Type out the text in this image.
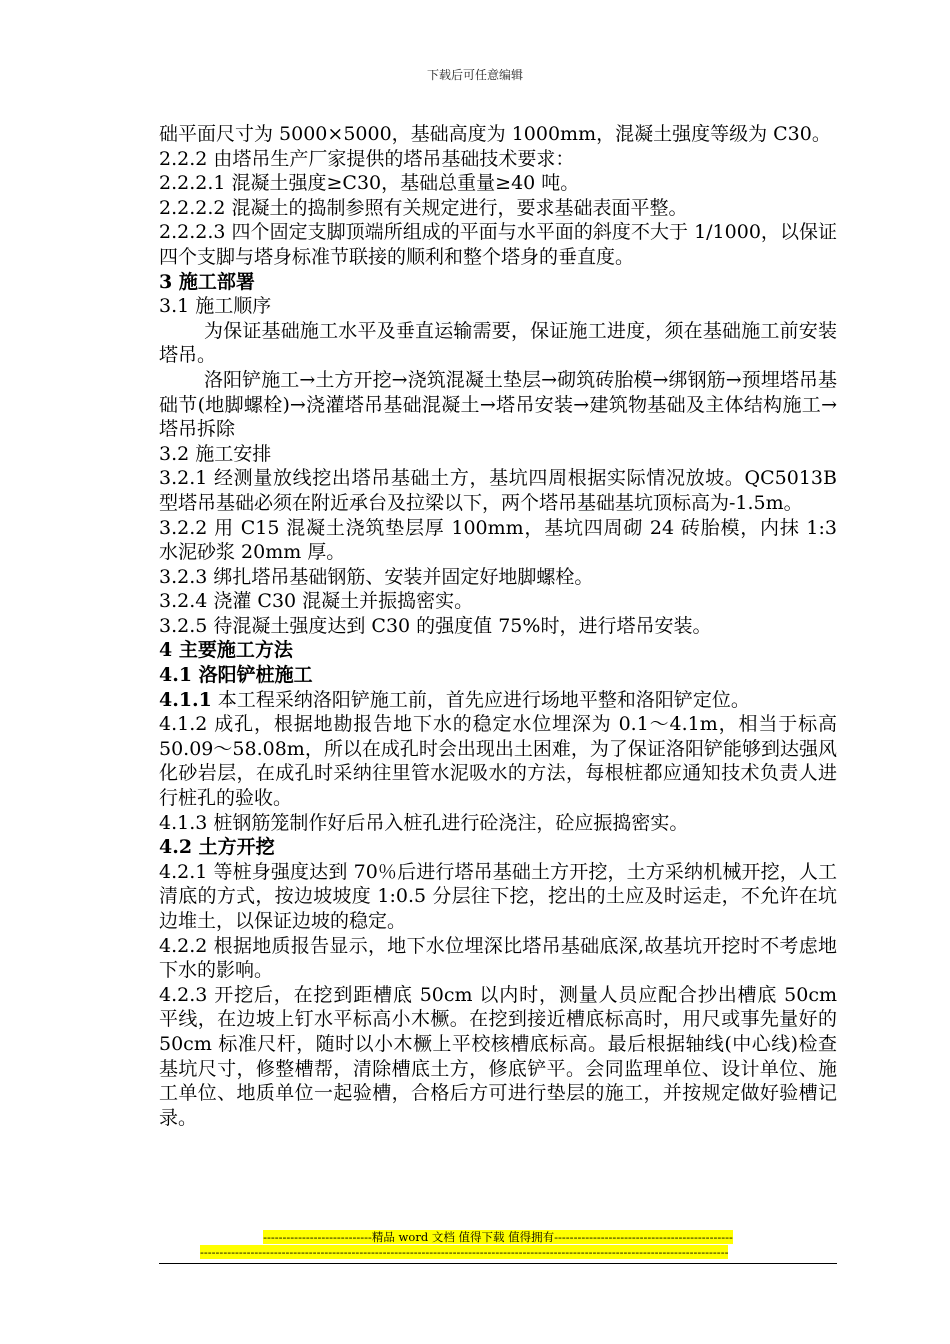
下载后可任意编辑

础平面尺寸为 5000×5000，基础高度为 1000mm，混凝土强度等级为 C30。

2.2.2 由塔吊生产厂家提供的塔吊基础技术要求：

2.2.2.1 混凝土强度≥C30，基础总重量≥40 吨。

2.2.2.2 混凝土的捣制参照有关规定进行，要求基础表面平整。

2.2.2.3 四个固定支脚顶端所组成的平面与水平面的斜度不大于 1/1000，以保证四个支脚与塔身标准节联接的顺利和整个塔身的垂直度。

3 施工部署

3.1 施工顺序

为保证基础施工水平及垂直运输需要，保证施工进度，须在基础施工前安装塔吊。

洛阳铲施工→土方开挖→浇筑混凝土垫层→砌筑砖胎模→绑钢筋→预埋塔吊基础节(地脚螺栓)→浇灌塔吊基础混凝土→塔吊安装→建筑物基础及主体结构施工→塔吊拆除

3.2 施工安排

3.2.1 经测量放线挖出塔吊基础土方，基坑四周根据实际情况放坡。QC5013B 型塔吊基础必须在附近承台及拉梁以下，两个塔吊基础基坑顶标高为-1.5m。

3.2.2 用 C15 混凝土浇筑垫层厚 100mm，基坑四周砌 24 砖胎模，内抹 1:3 水泥砂浆 20mm 厚。

3.2.3 绑扎塔吊基础钢筋、安装并固定好地脚螺栓。

3.2.4 浇灌 C30 混凝土并振捣密实。

3.2.5 待混凝土强度达到 C30 的强度值 75%时，进行塔吊安装。

4 主要施工方法

4.1 洛阳铲桩施工

4.1.1 本工程采纳洛阳铲施工前，首先应进行场地平整和洛阳铲定位。

4.1.2 成孔，根据地勘报告地下水的稳定水位埋深为 0.1～4.1m，相当于标高 50.09～58.08m，所以在成孔时会出现出土困难，为了保证洛阳铲能够到达强风化砂岩层，在成孔时采纳往里管水泥吸水的方法，每根桩都应通知技术负责人进行桩孔的验收。

4.1.3 桩钢筋笼制作好后吊入桩孔进行砼浇注，砼应振捣密实。

4.2 土方开挖

4.2.1 等桩身强度达到 70％后进行塔吊基础土方开挖，土方采纳机械开挖，人工清底的方式，按边坡坡度 1:0.5 分层往下挖，挖出的土应及时运走，不允许在坑边堆土，以保证边坡的稳定。

4.2.2 根据地质报告显示，地下水位埋深比塔吊基础底深,故基坑开挖时不考虑地下水的影响。

4.2.3 开挖后，在挖到距槽底 50cm 以内时，测量人员应配合抄出槽底 50cm 平线，在边坡上钉水平标高小木橛。在挖到接近槽底标高时，用尺或事先量好的 50cm 标准尺杆，随时以小木橛上平校核槽底标高。最后根据轴线(中心线)检查基坑尺寸，修整槽帮，清除槽底土方，修底铲平。会同监理单位、设计单位、施工单位、地质单位一起验槽，合格后方可进行垫层的施工，并按规定做好验槽记录。

----------------------------精品 word 文档 值得下载 值得拥有----------------------------------------------
----------------------------------------------------------------------------------------------------------------------------------------
